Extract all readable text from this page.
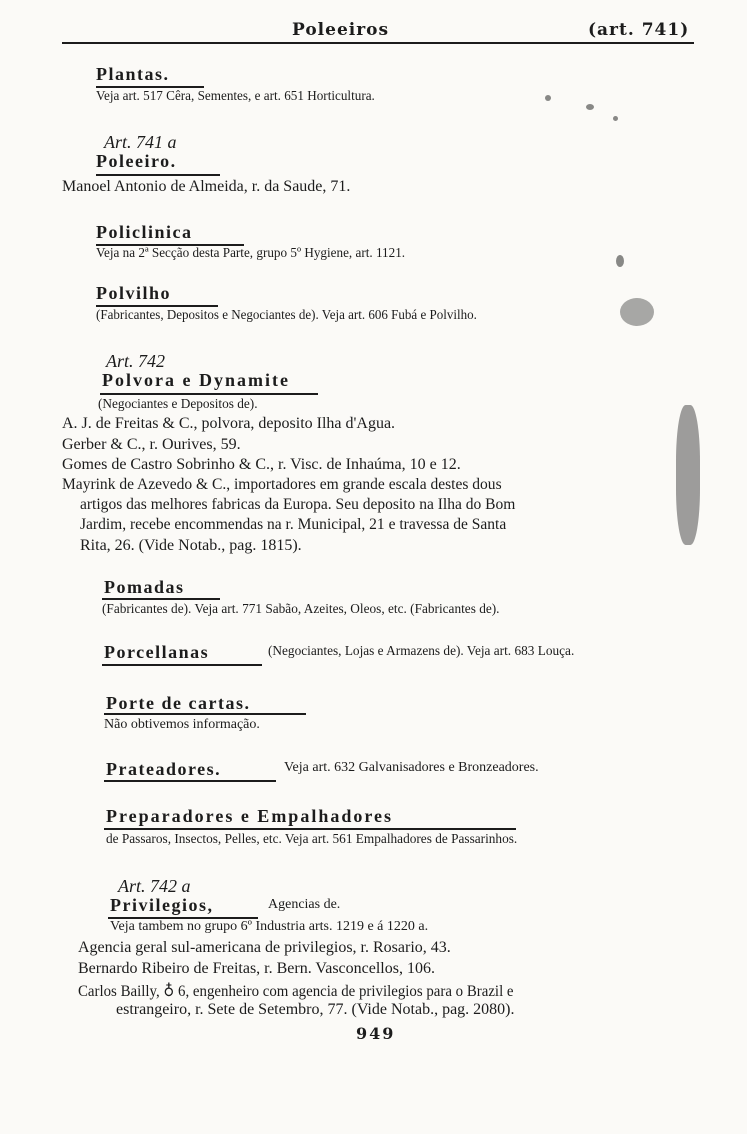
Poleeiros	(art. 741)
Plantas.
Veja art. 517 Cêra, Sementes, e art. 651 Horticultura.
Art. 741 a
Poleeiro.
Manoel Antonio de Almeida, r. da Saude, 71.
Policlinica
Veja na 2ª Secção desta Parte, grupo 5º Hygiene, art. 1121.
Polvilho
(Fabricantes, Depositos e Negociantes de). Veja art. 606 Fubá e Polvilho.
Art. 742
Polvora e Dynamite
(Negociantes e Depositos de).
A. J. de Freitas & C., polvora, deposito Ilha d'Agua.
Gerber & C., r. Ourives, 59.
Gomes de Castro Sobrinho & C., r. Visc. de Inhaúma, 10 e 12.
Mayrink de Azevedo & C., importadores em grande escala destes dous
artigos das melhores fabricas da Europa. Seu deposito na Ilha do Bom
Jardim, recebe encommendas na r. Municipal, 21 e travessa de Santa
Rita, 26. (Vide Notab., pag. 1815).
Pomadas
(Fabricantes de). Veja art. 771 Sabão, Azeites, Oleos, etc. (Fabricantes de).
Porcellanas	(Negociantes, Lojas e Armazens de). Veja art. 683 Louça.
Porte de cartas.
Não obtivemos informação.
Prateadores.	Veja art. 632 Galvanisadores e Bronzeadores.
Preparadores e Empalhadores
de Passaros, Insectos, Pelles, etc. Veja art. 561 Empalhadores de Passarinhos.
Art. 742 a
Privilegios,	Agencias de.
Veja tambem no grupo 6º Industria arts. 1219 e á 1220 a.
Agencia geral sul-americana de privilegios, r. Rosario, 43.
Bernardo Ribeiro de Freitas, r. Bern. Vasconcellos, 106.
Carlos Bailly, ♁ 6, engenheiro com agencia de privilegios para o Brazil e
estrangeiro, r. Sete de Setembro, 77. (Vide Notab., pag. 2080).
949
